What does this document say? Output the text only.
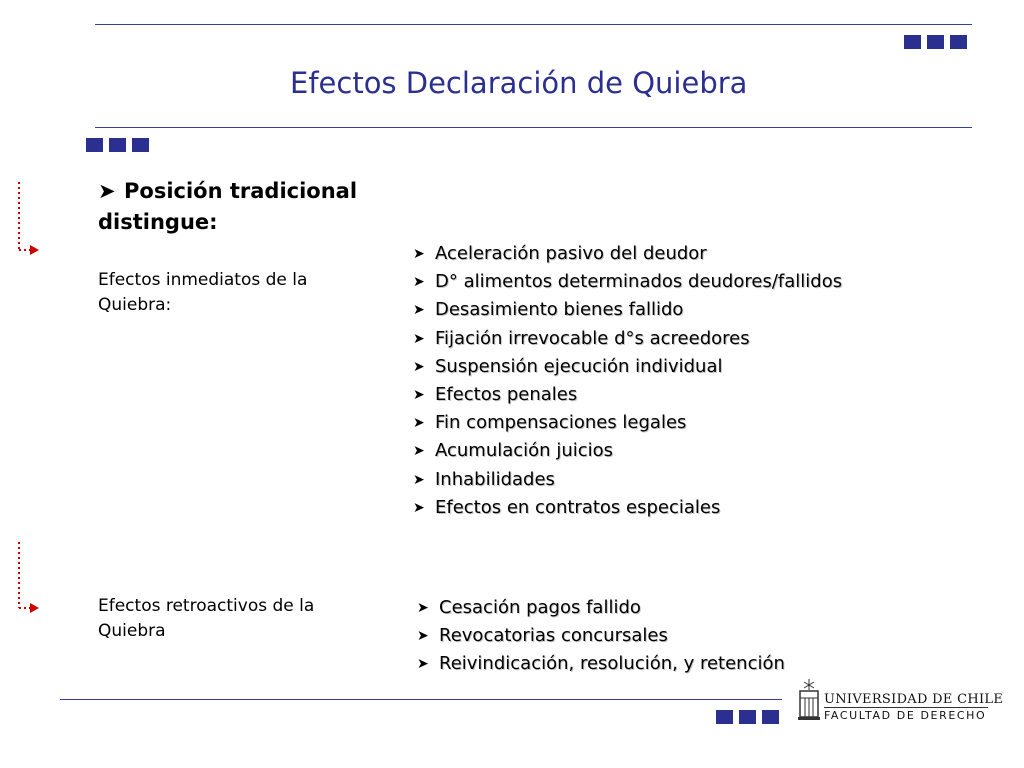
Efectos Declaración de Quiebra
➤ Posición tradicional distingue:
Efectos inmediatos de la Quiebra:
➤ Aceleración pasivo del deudor
➤ D° alimentos determinados deudores/fallidos
➤ Desasimiento bienes fallido
➤ Fijación irrevocable d°s acreedores
➤ Suspensión ejecución individual
➤ Efectos penales
➤ Fin compensaciones legales
➤ Acumulación juicios
➤ Inhabilidades
➤ Efectos en contratos especiales
Efectos retroactivos de la Quiebra
➤ Cesación pagos fallido
➤ Revocatorias concursales
➤ Reivindicación, resolución, y retención
UNIVERSIDAD DE CHILE
FACULTAD DE DERECHO
